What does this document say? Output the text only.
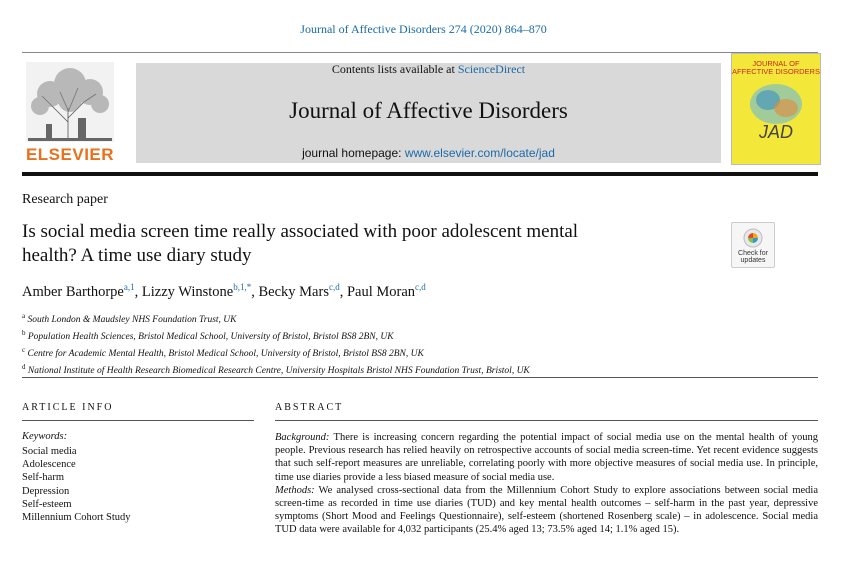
Journal of Affective Disorders 274 (2020) 864–870
ELSEVIER
Contents lists available at ScienceDirect
Journal of Affective Disorders
journal homepage: www.elsevier.com/locate/jad
JOURNAL OF AFFECTIVE DISORDERS
JAD
Research paper
Is social media screen time really associated with poor adolescent mental
health? A time use diary study	Check for updates
Amber Barthorpe$^{a,1}$, Lizzy Winstone$^{b,1,*}$, Becky Mars$^{c,d}$, Paul Moran$^{c,d}$
$^a$ South London & Maudsley NHS Foundation Trust, UK
$^b$ Population Health Sciences, Bristol Medical School, University of Bristol, Bristol BS8 2BN, UK
$^c$ Centre for Academic Mental Health, Bristol Medical School, University of Bristol, Bristol BS8 2BN, UK
$^d$ National Institute of Health Research Biomedical Research Centre, University Hospitals Bristol NHS Foundation Trust, Bristol, UK
ARTICLE INFO	ABSTRACT
Keywords:
Social media
Adolescence
Self-harm
Depression
Self-esteem
Millennium Cohort Study
Background: There is increasing concern regarding the potential impact of social media use on the mental health of young people. Previous research has relied heavily on retrospective accounts of social media screen-time. Yet recent evidence suggests that such self-report measures are unreliable, correlating poorly with more objective measures of social media use. In principle, time use diaries provide a less biased measure of social media use.
Methods: We analysed cross-sectional data from the Millennium Cohort Study to explore associations between social media screen-time as recorded in time use diaries (TUD) and key mental health outcomes – self-harm in the past year, depressive symptoms (Short Mood and Feelings Questionnaire), self-esteem (shortened Rosenberg scale) – in adolescence. Social media TUD data were available for 4,032 participants (25.4% aged 13; 73.5% aged 14; 1.1% aged 15).
